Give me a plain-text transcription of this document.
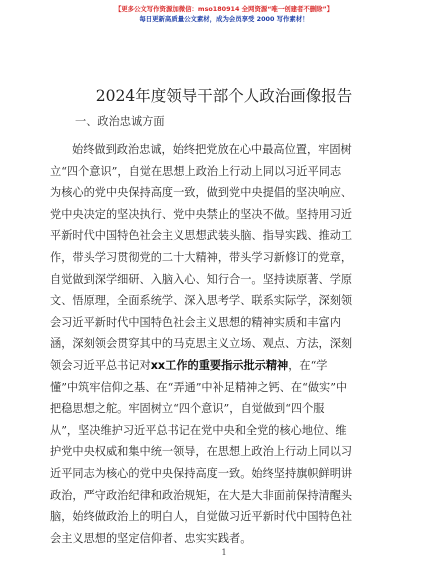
【更多公文写作资源加微信：mso180914 全网资源“唯一创建者不删除”】
每日更新高质量公文素材，成为会员享受 2000 写作素材！
2024年度领导干部个人政治画像报告
一、政治忠诚方面
始终做到政治忠诚，始终把党放在心中最高位置，牢固树
立“四个意识”，自觉在思想上政治上行动上同以习近平同志
为核心的党中央保持高度一致，做到党中央提倡的坚决响应、
党中央决定的坚决执行、党中央禁止的坚决不做。坚持用习近
平新时代中国特色社会主义思想武装头脑、指导实践、推动工
作，带头学习贯彻党的二十大精神，带头学习新修订的党章，
自觉做到深学细研、入脑入心、知行合一。坚持读原著、学原
文、悟原理，全面系统学、深入思考学、联系实际学，深刻领
会习近平新时代中国特色社会主义思想的精神实质和丰富内
涵，深刻领会贯穿其中的马克思主义立场、观点、方法，深刻
领会习近平总书记对xx工作的重要指示批示精神，在“学
懂”中筑牢信仰之基、在“弄通”中补足精神之钙、在“做实”中
把稳思想之舵。牢固树立“四个意识”，自觉做到“四个服
从”，坚决维护习近平总书记在党中央和全党的核心地位、维
护党中央权威和集中统一领导，在思想上政治上行动上同以习
近平同志为核心的党中央保持高度一致。始终坚持旗帜鲜明讲
政治，严守政治纪律和政治规矩，在大是大非面前保持清醒头
脑，始终做政治上的明白人，自觉做习近平新时代中国特色社
会主义思想的坚定信仰者、忠实实践者。
1
